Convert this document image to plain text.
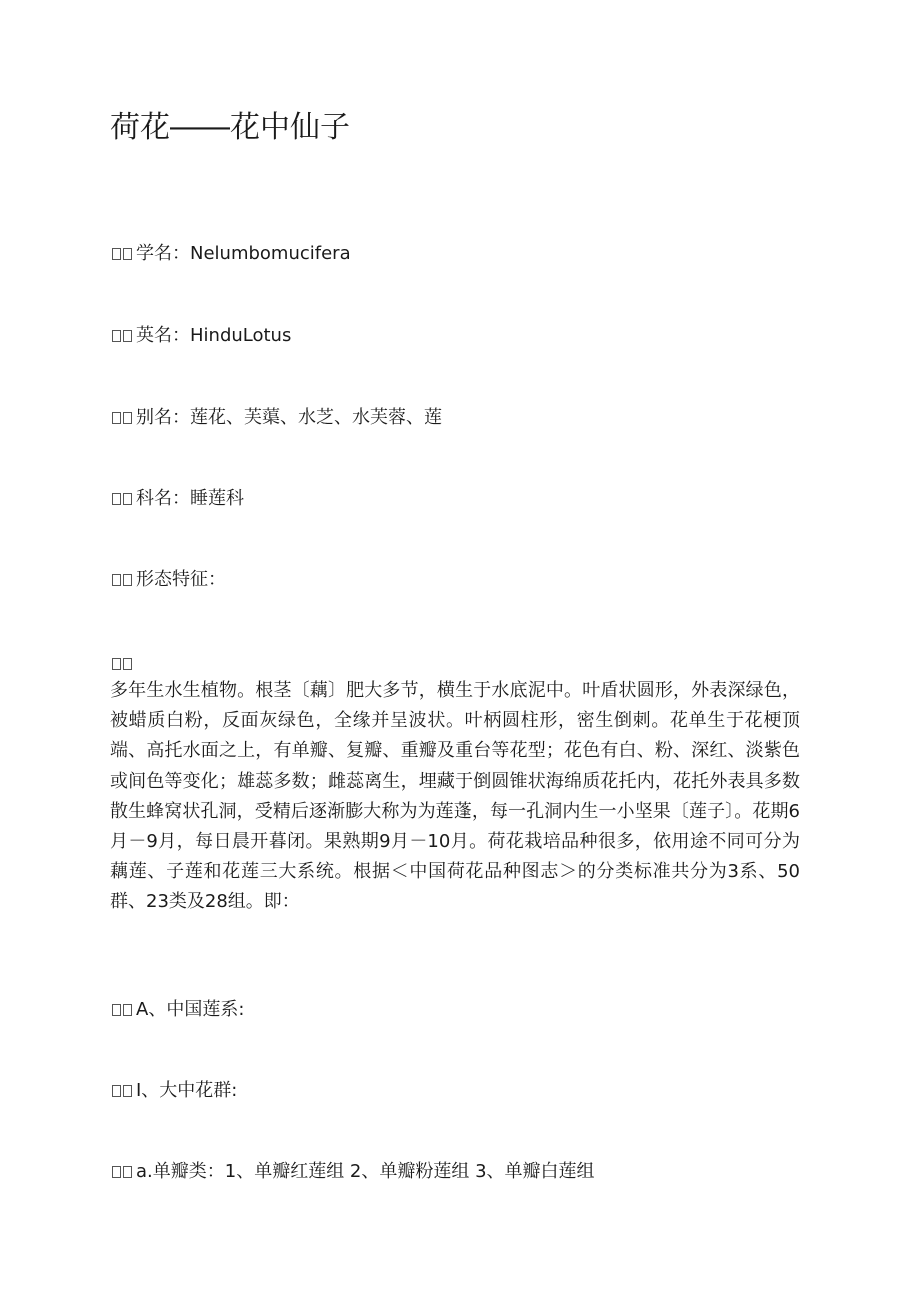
荷花――花中仙子
学名：Nelumbomucifera
英名：HinduLotus
别名：莲花、芙蕖、水芝、水芙蓉、莲
科名：睡莲科
形态特征：
多年生水生植物。根茎〔藕〕肥大多节，横生于水底泥中。叶盾状圆形，外表深绿色，被蜡质白粉，反面灰绿色，全缘并呈波状。叶柄圆柱形，密生倒刺。花单生于花梗顶端、高托水面之上，有单瓣、复瓣、重瓣及重台等花型；花色有白、粉、深红、淡紫色或间色等变化；雄蕊多数；雌蕊离生，埋藏于倒圆锥状海绵质花托内，花托外表具多数散生蜂窝状孔洞，受精后逐渐膨大称为为莲蓬，每一孔洞内生一小坚果〔莲子〕。花期6月－9月，每日晨开暮闭。果熟期9月－10月。荷花栽培品种很多，依用途不同可分为藕莲、子莲和花莲三大系统。根据＜中国荷花品种图志＞的分类标准共分为3系、50群、23类及28组。即：
A、中国莲系:
I、大中花群:
a.单瓣类：1、单瓣红莲组 2、单瓣粉莲组 3、单瓣白莲组
